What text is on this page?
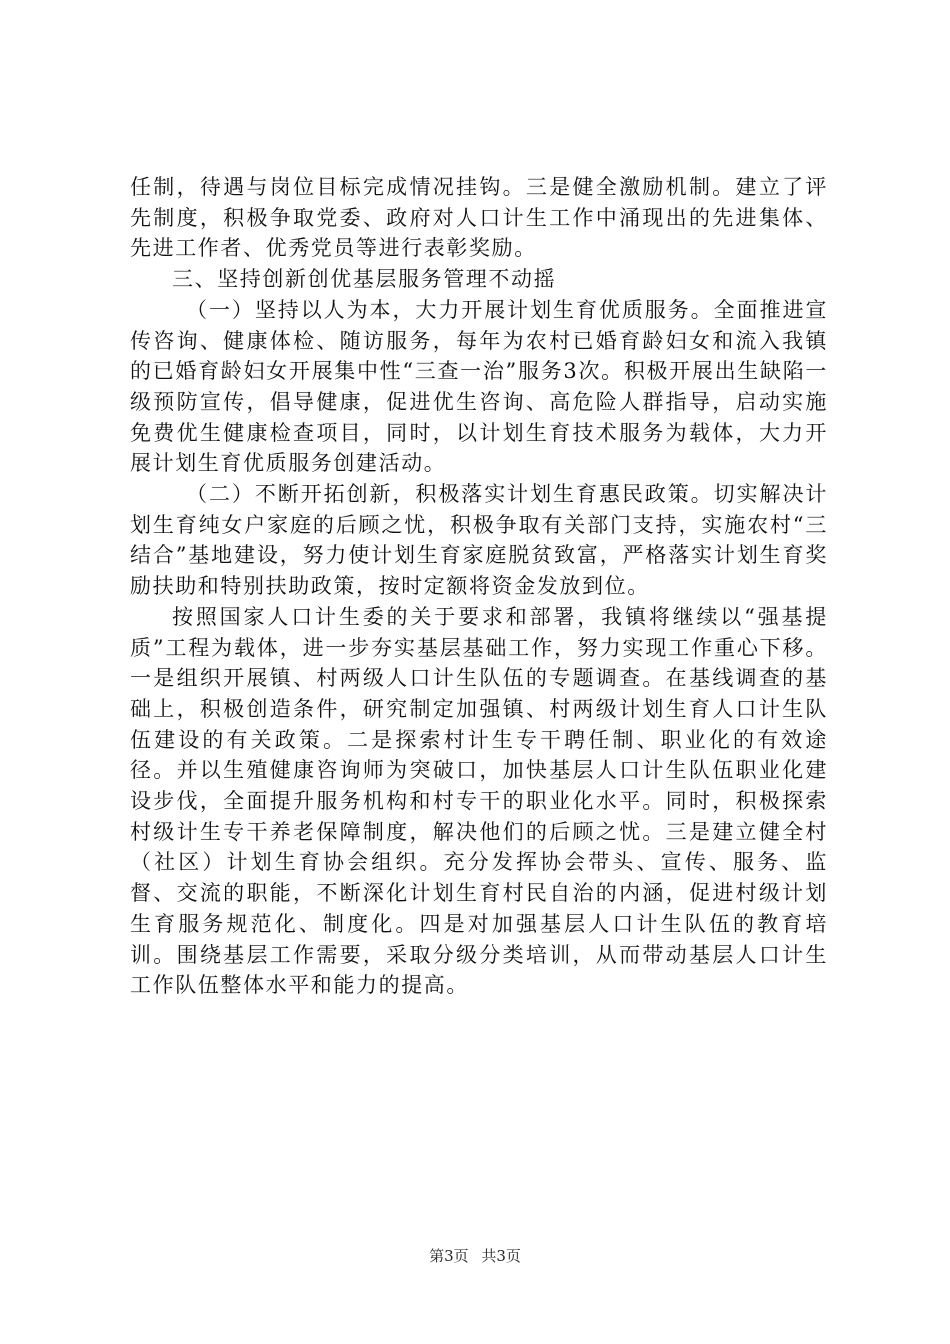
任制，待遇与岗位目标完成情况挂钩。三是健全激励机制。建立了评先制度，积极争取党委、政府对人口计生工作中涌现出的先进集体、先进工作者、优秀党员等进行表彰奖励。

三、坚持创新创优基层服务管理不动摇

（一）坚持以人为本，大力开展计划生育优质服务。全面推进宣传咨询、健康体检、随访服务，每年为农村已婚育龄妇女和流入我镇的已婚育龄妇女开展集中性“三查一治”服务3次。积极开展出生缺陷一级预防宣传，倡导健康，促进优生咨询、高危险人群指导，启动实施免费优生健康检查项目，同时，以计划生育技术服务为载体，大力开展计划生育优质服务创建活动。

（二）不断开拓创新，积极落实计划生育惠民政策。切实解决计划生育纯女户家庭的后顾之忧，积极争取有关部门支持，实施农村“三结合”基地建设，努力使计划生育家庭脱贫致富，严格落实计划生育奖励扶助和特别扶助政策，按时定额将资金发放到位。

按照国家人口计生委的关于要求和部署，我镇将继续以“强基提质”工程为载体，进一步夯实基层基础工作，努力实现工作重心下移。一是组织开展镇、村两级人口计生队伍的专题调查。在基线调查的基础上，积极创造条件，研究制定加强镇、村两级计划生育人口计生队伍建设的有关政策。二是探索村计生专干聘任制、职业化的有效途径。并以生殖健康咨询师为突破口，加快基层人口计生队伍职业化建设步伐，全面提升服务机构和村专干的职业化水平。同时，积极探索村级计生专干养老保障制度，解决他们的后顾之忧。三是建立健全村（社区）计划生育协会组织。充分发挥协会带头、宣传、服务、监督、交流的职能，不断深化计划生育村民自治的内涵，促进村级计划生育服务规范化、制度化。四是对加强基层人口计生队伍的教育培训。围绕基层工作需要，采取分级分类培训，从而带动基层人口计生工作队伍整体水平和能力的提高。

第3页 共3页
